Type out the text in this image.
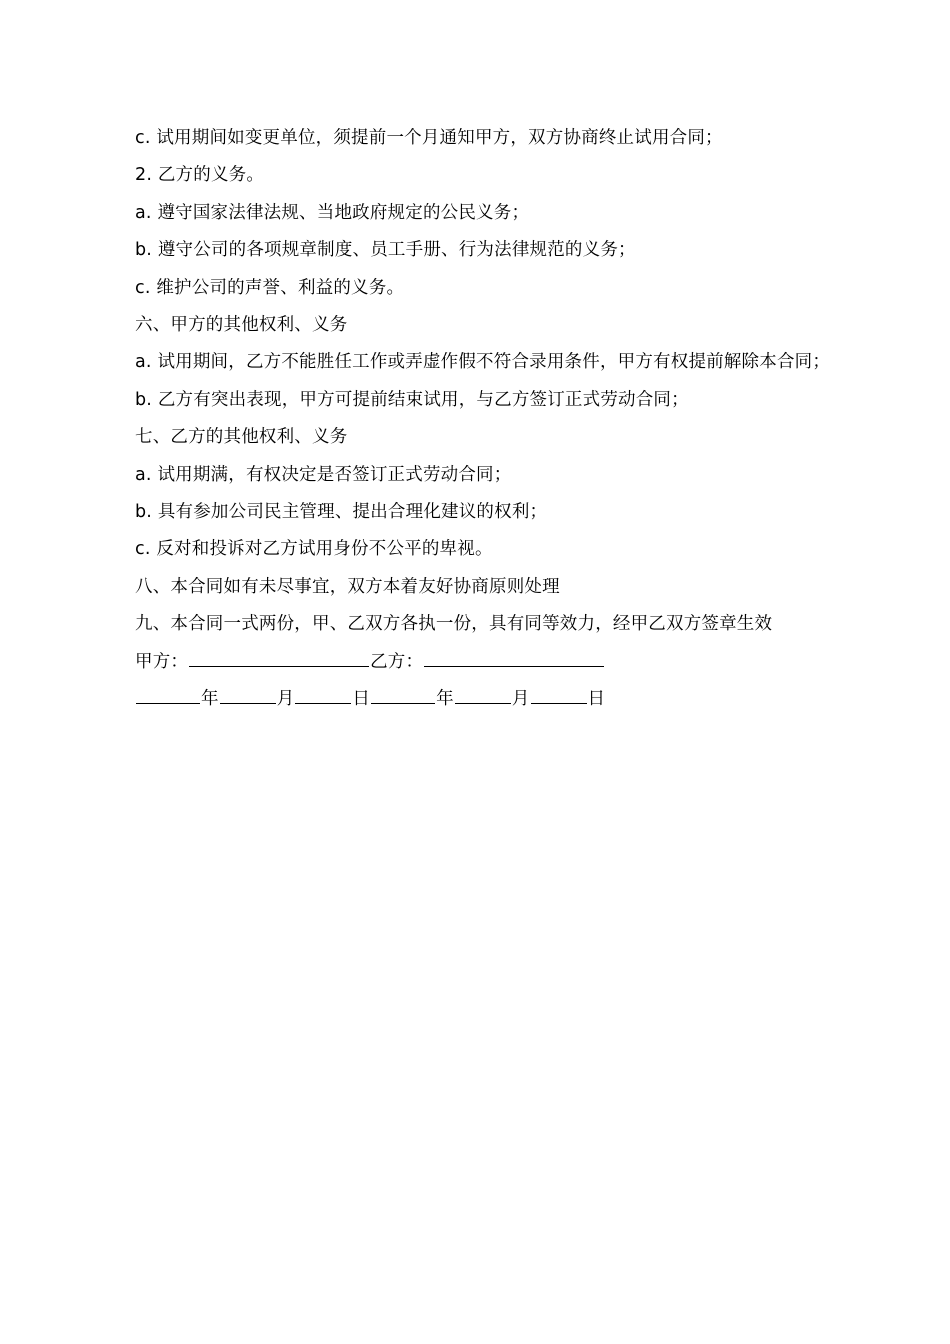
c. 试用期间如变更单位，须提前一个月通知甲方，双方协商终止试用合同；

2. 乙方的义务。

a. 遵守国家法律法规、当地政府规定的公民义务；

b. 遵守公司的各项规章制度、员工手册、行为法律规范的义务；

c. 维护公司的声誉、利益的义务。

六、甲方的其他权利、义务

a. 试用期间，乙方不能胜任工作或弄虚作假不符合录用条件，甲方有权提前解除本合同；

b. 乙方有突出表现，甲方可提前结束试用，与乙方签订正式劳动合同；

七、乙方的其他权利、义务

a. 试用期满，有权决定是否签订正式劳动合同；

b. 具有参加公司民主管理、提出合理化建议的权利；

c. 反对和投诉对乙方试用身份不公平的卑视。

八、本合同如有未尽事宜，双方本着友好协商原则处理

九、本合同一式两份，甲、乙双方各执一份，具有同等效力，经甲乙双方签章生效

甲方：	乙方：

年	月	日	年	月	日
